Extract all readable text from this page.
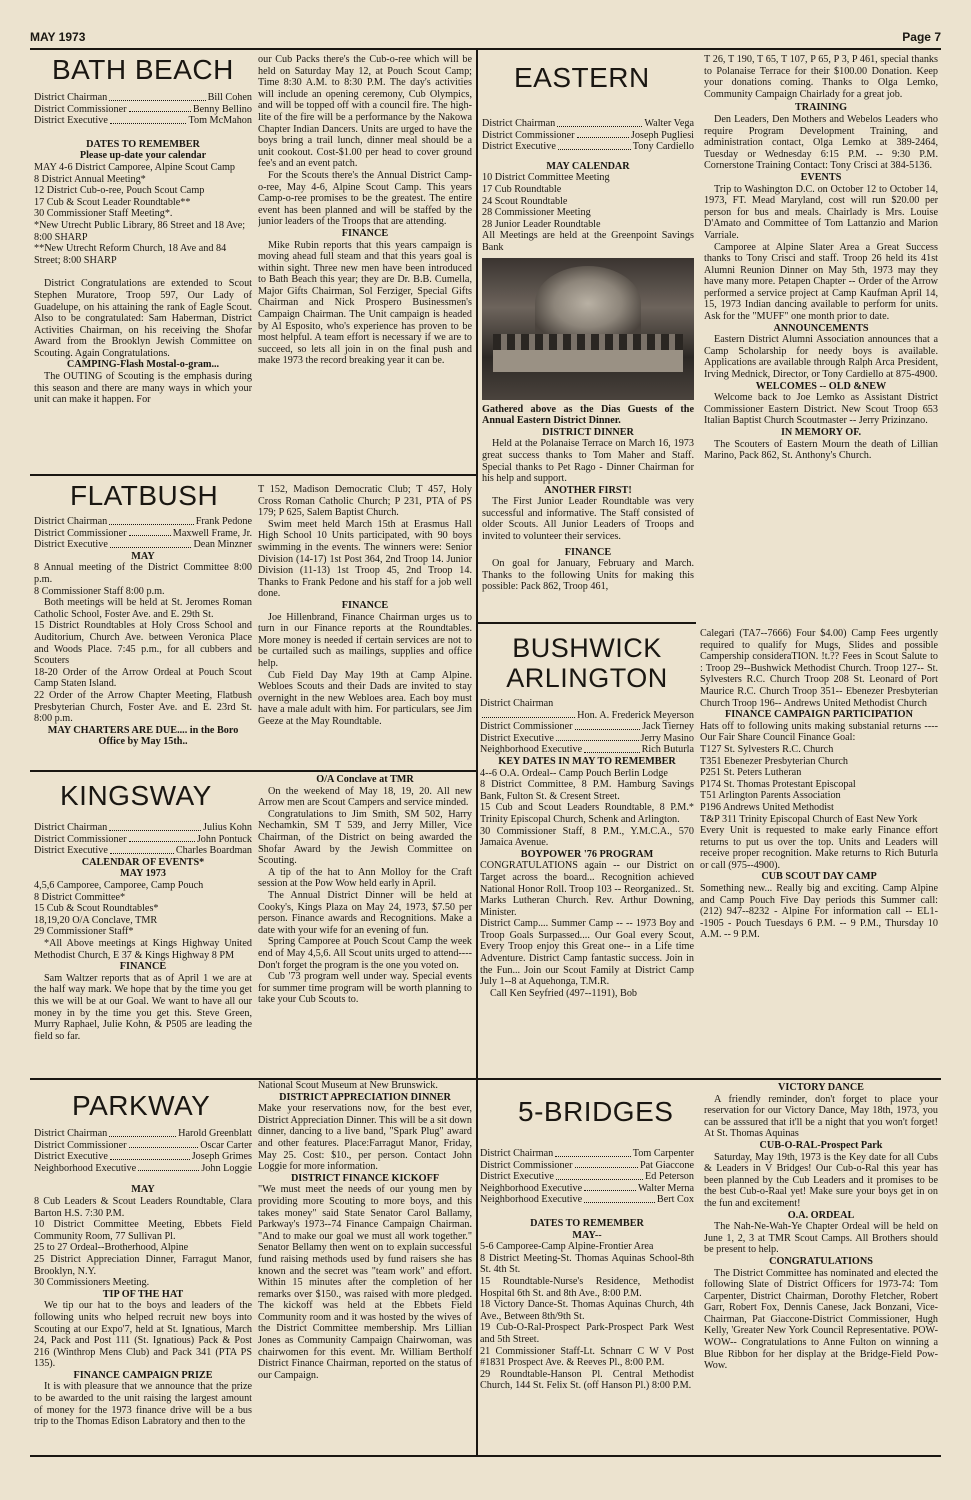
MAY 1973	Page 7
BATH BEACH
District Chairman	Bill Cohen
District Commissioner	Benny Bellino
District Executive	Tom McMahon
DATES TO REMEMBER
Please up-date your calendar
MAY 4-6 District Camporee, Alpine Scout Camp
8 District Annual Meeting*
12 District Cub-o-ree, Pouch Scout Camp
17 Cub & Scout Leader Roundtable**
30 Commissioner Staff Meeting*.
*New Utrecht Public Library, 86 Street and 18 Ave; 8:00 SHARP
**New Utrecht Reform Church, 18 Ave and 84 Street; 8:00 SHARP

District Congratulations are extended to Scout Stephen Muratore, Troop 597, Our Lady of Guadelupe, on his attaining the rank of Eagle Scout. Also to be congratulated: Sam Haberman, District Activities Chairman, on his receiving the Shofar Award from the Brooklyn Jewish Committee on Scouting. Again Congratulations.

CAMPING-Flash Mostal-o-gram...

The OUTING of Scouting is the emphasis during this season and there are many ways in which your unit can make it happen. For

our Cub Packs there's the Cub-o-ree which will be held on Saturday May 12, at Pouch Scout Camp; Time 8:30 A.M. to 8:30 P.M. The day's activities will include an opening ceremony, Cub Olympics, and will be topped off with a council fire. The high-lite of the fire will be a performance by the Nakowa Chapter Indian Dancers. Units are urged to have the boys bring a trail lunch, dinner meal should be a unit cookout. Cost-$1.00 per head to cover ground fee's and an event patch.

For the Scouts there's the Annual District Camp-o-ree, May 4-6, Alpine Scout Camp. This years Camp-o-ree promises to be the greatest. The entire event has been planned and will be staffed by the junior leaders of the Troops that are attending.

FINANCE

Mike Rubin reports that this years campaign is moving ahead full steam and that this years goal is within sight. Three new men have been introduced to Bath Beach this year; they are Dr. B.B. Cumella, Major Gifts Chairman, Sol Ferziger, Special Gifts Chairman and Nick Prospero Businessmen's Campaign Chairman. The Unit campaign is headed by Al Esposito, who's experience has proven to be most helpful. A team effort is necessary if we are to succeed, so lets all join in on the final push and make 1973 the record breaking year it can be.

EASTERN
District Chairman	Walter Vega
District Commissioner	Joseph Pugliesi
District Executive	Tony Cardiello
MAY CALENDAR
10 District Committee Meeting
17 Cub Roundtable
24 Scout Roundtable
28 Commissioner Meeting
28 Junior Leader Roundtable
All Meetings are held at the Greenpoint Savings Bank
Gathered above as the Dias Guests of the Annual Eastern District Dinner.
DISTRICT DINNER

Held at the Polanaise Terrace on March 16, 1973 great success thanks to Tom Maher and Staff. Special thanks to Pet Rago - Dinner Chairman for his help and support.

ANOTHER FIRST!

The First Junior Leader Roundtable was very successful and informative. The Staff consisted of older Scouts. All Junior Leaders of Troops and invited to volunteer their services.

FINANCE

On goal for January, February and March. Thanks to the following Units for making this possible: Pack 862, Troop 461,

T 26, T 190, T 65, T 107, P 65, P 3, P 461, special thanks to Polanaise Terrace for their $100.00 Donation. Keep your donations coming. Thanks to Olga Lemko, Community Campaign Chairlady for a great job.
TRAINING

Den Leaders, Den Mothers and Webelos Leaders who require Program Development Training, and administration contact, Olga Lemko at 389-2464, Tuesday or Wednesday 6:15 P.M. -- 9:30 P.M. Cornerstone Training Contact: Tony Crisci at 384-5136.

EVENTS

Trip to Washington D.C. on October 12 to October 14, 1973, FT. Mead Maryland, cost will run $20.00 per person for bus and meals. Chairlady is Mrs. Louise D'Amato and Committee of Tom Lattanzio and Marion Varriale.

Camporee at Alpine Slater Area a Great Success thanks to Tony Crisci and staff. Troop 26 held its 41st Alumni Reunion Dinner on May 5th, 1973 may they have many more. Petapen Chapter -- Order of the Arrow performed a service project at Camp Kaufman April 14, 15, 1973 Indian dancing available to perform for units. Ask for the "MUFF" one month prior to date.

ANNOUNCEMENTS

Eastern District Alumni Association announces that a Camp Scholarship for needy boys is available. Applications are available through Ralph Arca President, Irving Mednick, Director, or Tony Cardiello at 875-4900.

WELCOMES -- OLD &NEW

Welcome back to Joe Lemko as Assistant District Commissioner Eastern District. New Scout Troop 653 Italian Baptist Church Scoutmaster -- Jerry Prizinzano.

IN MEMORY OF.

The Scouters of Eastern Mourn the death of Lillian Marino, Pack 862, St. Anthony's Church.

FLATBUSH
District Chairman	Frank Pedone
District Commissioner	Maxwell Frame, Jr.
District Executive	Dean Minzner
MAY
8 Annual meeting of the District Committee 8:00 p.m.
8 Commissioner Staff 8:00 p.m.

Both meetings will be held at St. Jeromes Roman Catholic School, Foster Ave. and E. 29th St.

15 District Roundtables at Holy Cross School and Auditorium, Church Ave. between Veronica Place and Woods Place. 7:45 p.m., for all cubbers and Scouters
18-20 Order of the Arrow Ordeal at Pouch Scout Camp Staten Island.
22 Order of the Arrow Chapter Meeting, Flatbush Presbyterian Church, Foster Ave. and E. 23rd St. 8:00 p.m.
MAY CHARTERS ARE DUE.... in the Boro Office by May 15th..
T 152, Madison Democratic Club; T 457, Holy Cross Roman Catholic Church; P 231, PTA of PS 179; P 625, Salem Baptist Church.

Swim meet held March 15th at Erasmus Hall High School 10 Units participated, with 90 boys swimming in the events. The winners were: Senior Division (14-17) 1st Post 364, 2nd Troop 14. Junior Division (11-13) 1st Troop 45, 2nd Troop 14. Thanks to Frank Pedone and his staff for a job well done.

FINANCE

Joe Hillenbrand, Finance Chairman urges us to turn in our Finance reports at the Roundtables. More money is needed if certain services are not to be curtailed such as mailings, supplies and office help.

Cub Field Day May 19th at Camp Alpine. Webloes Scouts and their Dads are invited to stay overnight in the new Webloes area. Each boy must have a male adult with him. For particulars, see Jim Geeze at the May Roundtable.

BUSHWICK
ARLINGTON
District Chairman
Hon. A. Frederick Meyerson
District Commissioner	Jack Tierney
District Executive	Jerry Masino
Neighborhood Executive	Rich Buturla
KEY DATES IN MAY TO REMEMBER
4--6 O.A. Ordeal-- Camp Pouch Berlin Lodge
8 District Committee, 8 P.M. Hamburg Savings Bank, Fulton St. & Cresent Street.
15 Cub and Scout Leaders Roundtable, 8 P.M.* Trinity Episcopal Church, Schenk and Arlington.
30 Commissioner Staff, 8 P.M., Y.M.C.A., 570 Jamaica Avenue.
BOYPOWER '76 PROGRAM
CONGRATULATIONS again -- our District on Target across the board... Recognition achieved National Honor Roll. Troop 103 -- Reorganized.. St. Marks Lutheran Church. Rev. Arthur Downing, Minister.
District Camp.... Summer Camp -- -- 1973 Boy and Troop Goals Surpassed.... Our Goal every Scout, Every Troop enjoy this Great one-- in a Life time Adventure. District Camp fantastic success. Join in the Fun... Join our Scout Family at District Camp July 1--8 at Aquehonga, T.M.R.

Call Ken Seyfried (497--1191), Bob

Calegari (TA7--7666) Four $4.00) Camp Fees urgently required to qualify for Mugs, Slides and possible Campership consideraTION. !t.?? Fees in Scout Salute to : Troop 29--Bushwick Methodist Church. Troop 127-- St. Sylvesters R.C. Church Troop 208 St. Leonard of Port Maurice R.C. Church Troop 351-- Ebenezer Presbyterian Church Troop 196-- Andrews United Methodist Church
FINANCE CAMPAIGN PARTICIPATION
Hats off to following units making substanial returns ---- Our Fair Share Council Finance Goal:
T127 St. Sylvesters R.C. Church
T351 Ebenezer Presbyterian Church
P251 St. Peters Lutheran
P174 St. Thomas Protestant Episcopal
T51 Arlington Parents Association
P196 Andrews United Methodist
T&P 311 Trinity Episcopal Church of East New York
Every Unit is requested to make early Finance effort returns to put us over the top. Units and Leaders will receive proper recognition. Make returns to Rich Buturla or call (975--4900).
CUB SCOUT DAY CAMP
Something new... Really big and exciting. Camp Alpine and Camp Pouch Five Day periods this Summer call: (212) 947--8232 - Alpine For information call -- EL1--1905 - Pouch Tuesdays 6 P.M. -- 9 P.M., Thursday 10 A.M. -- 9 P.M.
KINGSWAY
District Chairman	Julius Kohn
District Commissioner	John Pontuck
District Executive	Charles Boardman
CALENDAR OF EVENTS*
MAY 1973
4,5,6 Camporee, Camporee, Camp Pouch
8 District Committee*
15 Cub & Scout Roundtables*
18,19,20 O/A Conclave, TMR
29 Commissioner Staff*

*All Above meetings at Kings Highway United Methodist Church, E 37 & Kings Highway 8 PM

FINANCE

Sam Waltzer reports that as of April 1 we are at the half way mark. We hope that by the time you get this we will be at our Goal. We want to have all our money in by the time you get this. Steve Green, Murry Raphael, Julie Kohn, & P505 are leading the field so far.

O/A Conclave at TMR

On the weekend of May 18, 19, 20. All new Arrow men are Scout Campers and service minded.

Congratulations to Jim Smith, SM 502, Harry Nechamkin, SM T 539, and Jerry Miller, Vice Chairman, of the District on being awarded the Shofar Award by the Jewish Committee on Scouting.

A tip of the hat to Ann Molloy for the Craft session at the Pow Wow held early in April.

The Annual District Dinner will be held at Cooky's, Kings Plaza on May 24, 1973, $7.50 per person. Finance awards and Recognitions. Make a date with your wife for an evening of fun.

Spring Camporee at Pouch Scout Camp the week end of May 4,5,6. All Scout units urged to attend---- Don't forget the program is the one you voted on.

Cub '73 program well under way. Special events for summer time program will be worth planning to take your Cub Scouts to.

PARKWAY
District Chairman	Harold Greenblatt
District Commissioner	Oscar Carter
District Executive	Joseph Grimes
Neighborhood Executive	John Loggie
MAY
8 Cub Leaders & Scout Leaders Roundtable, Clara Barton H.S. 7:30 P.M.
10 District Committee Meeting, Ebbets Field Community Room, 77 Sullivan Pl.
25 to 27 Ordeal--Brotherhood, Alpine
25 District Appreciation Dinner, Farragut Manor, Brooklyn, N.Y.
30 Commissioners Meeting.
TIP OF THE HAT

We tip our hat to the boys and leaders of the following units who helped recruit new boys into Scouting at our Expo'7, held at St. Ignatious, March 24, Pack and Post 111 (St. Ignatious) Pack & Post 216 (Winthrop Mens Club) and Pack 341 (PTA PS 135).

FINANCE CAMPAIGN PRIZE

It is with pleasure that we announce that the prize to be awarded to the unit raising the largest amount of money for the 1973 finance drive will be a bus trip to the Thomas Edison Labratory and then to the

National Scout Museum at New Brunswick.
DISTRICT APPRECIATION DINNER
Make your reservations now, for the best ever, District Appreciation Dinner. This will be a sit down dinner, dancing to a live band, "Spark Plug" award and other features. Place:Farragut Manor, Friday, May 25. Cost: $10., per person. Contact John Loggie for more information.
DISTRICT FINANCE KICKOFF
"We must meet the needs of our young men by providing more Scouting to more boys, and this takes money" said State Senator Carol Ballamy, Parkway's 1973--74 Finance Campaign Chairman. "And to make our goal we must all work together." Senator Bellamy then went on to explain successful fund raising methods used by fund raisers she has known and the secret was "team work" and effort. Within 15 minutes after the completion of her remarks over $150., was raised with more pledged. The kickoff was held at the Ebbets Field Community room and it was hosted by the wives of the District Committee membership. Mrs Lillian Jones as Community Campaign Chairwoman, was chairwomen for this event. Mr. William Bertholf District Finance Chairman, reported on the status of our Campaign.
5-BRIDGES
District Chairman	Tom Carpenter
District Commissioner	Pat Giaccone
District Executive	Ed Peterson
Neighborhood Executive	Walter Merna
Neighborhood Executive	Bert Cox
DATES TO REMEMBER
MAY--
5-6 Camporee-Camp Alpine-Frontier Area
8 District Meeting-St. Thomas Aquinas School-8th St. 4th St.
15 Roundtable-Nurse's Residence, Methodist Hospital 6th St. and 8th Ave., 8:00 P.M.
18 Victory Dance-St. Thomas Aquinas Church, 4th Ave., Between 8th/9th St.
19 Cub-O-Ral-Prospect Park-Prospect Park West and 5th Street.
21 Commissioner Staff-Lt. Schnarr C W V Post #1831 Prospect Ave. & Reeves Pl., 8:00 P.M.
29 Roundtable-Hanson Pl. Central Methodist Church, 144 St. Felix St. (off Hanson Pl.) 8:00 P.M.
VICTORY DANCE

A friendly reminder, don't forget to place your reservation for our Victory Dance, May 18th, 1973, you can be asssured that it'll be a night that you won't forget! At St. Thomas Aquinas

CUB-O-RAL-Prospect Park

Saturday, May 19th, 1973 is the Key date for all Cubs & Leaders in V Bridges! Our Cub-o-Ral this year has been planned by the Cub Leaders and it promises to be the best Cub-o-Raal yet! Make sure your boys get in on the fun and excitement!

O.A. ORDEAL

The Nah-Ne-Wah-Ye Chapter Ordeal will be held on June 1, 2, 3 at TMR Scout Camps. All Brothers should be present to help.

CONGRATULATIONS

The District Committee has nominated and elected the following Slate of District Officers for 1973-74: Tom Carpenter, District Chairman, Dorothy Fletcher, Robert Garr, Robert Fox, Dennis Canese, Jack Bonzani, Vice-Chairman, Pat Giaccone-District Commissioner, Hugh Kelly, 'Greater New York Council Representative. POW-WOW-- Congratulations to Anne Fulton on winning a Blue Ribbon for her display at the Bridge-Field Pow-Wow.
